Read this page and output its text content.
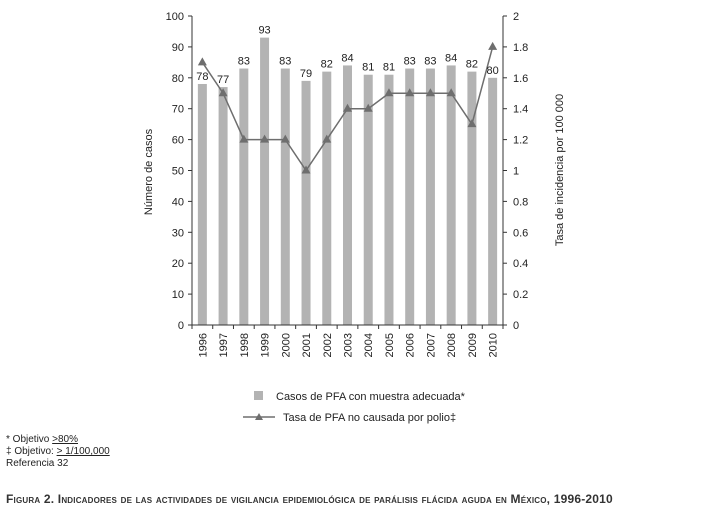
0
10
20
30
40
50
60
70
80
90
100
0
0.2
0.4
0.6
0.8
1
1.2
1.4
1.6
1.8
2
1996 1997 1998 1999 2000 2001 2002 2003 2004 2005 2006 2007 2008 2009 2010
78 77
83
93
83
79
82
84
81 81
83 83 84
82
80
Casos de PFA con muestra adecuada*
Tasa de PFA no causada por polio‡
Número de casos	Tasa de incidencia por 100 000
* Objetivo >80%
‡ Objetivo: > 1/100,000
Referencia 32
Figura 2. Indicadores de las actividades de vigilancia epidemiológica de parálisis flácida aguda en México, 1996-2010
